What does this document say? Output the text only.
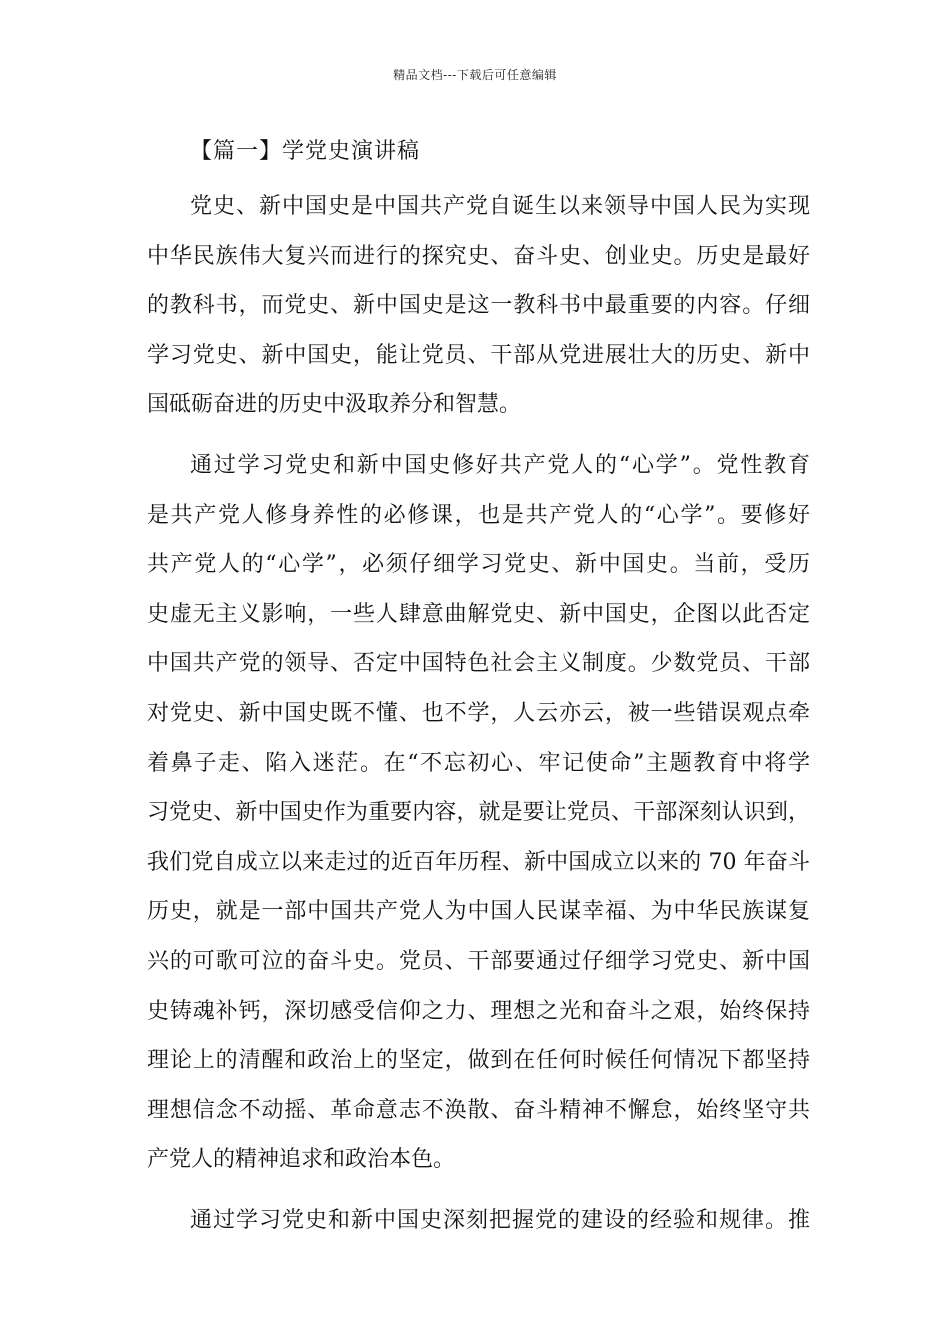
精品文档---下载后可任意编辑
【篇一】学党史演讲稿
党史、新中国史是中国共产党自诞生以来领导中国人民为实现
中华民族伟大复兴而进行的探究史、奋斗史、创业史。历史是最好
的教科书，而党史、新中国史是这一教科书中最重要的内容。仔细
学习党史、新中国史，能让党员、干部从党进展壮大的历史、新中
国砥砺奋进的历史中汲取养分和智慧。
通过学习党史和新中国史修好共产党人的“心学”。党性教育
是共产党人修身养性的必修课，也是共产党人的“心学”。要修好
共产党人的“心学”，必须仔细学习党史、新中国史。当前，受历
史虚无主义影响，一些人肆意曲解党史、新中国史，企图以此否定
中国共产党的领导、否定中国特色社会主义制度。少数党员、干部
对党史、新中国史既不懂、也不学，人云亦云，被一些错误观点牵
着鼻子走、陷入迷茫。在“不忘初心、牢记使命”主题教育中将学
习党史、新中国史作为重要内容，就是要让党员、干部深刻认识到，
我们党自成立以来走过的近百年历程、新中国成立以来的 70 年奋斗
历史，就是一部中国共产党人为中国人民谋幸福、为中华民族谋复
兴的可歌可泣的奋斗史。党员、干部要通过仔细学习党史、新中国
史铸魂补钙，深切感受信仰之力、理想之光和奋斗之艰，始终保持
理论上的清醒和政治上的坚定，做到在任何时候任何情况下都坚持
理想信念不动摇、革命意志不涣散、奋斗精神不懈怠，始终坚守共
产党人的精神追求和政治本色。
通过学习党史和新中国史深刻把握党的建设的经验和规律。推
